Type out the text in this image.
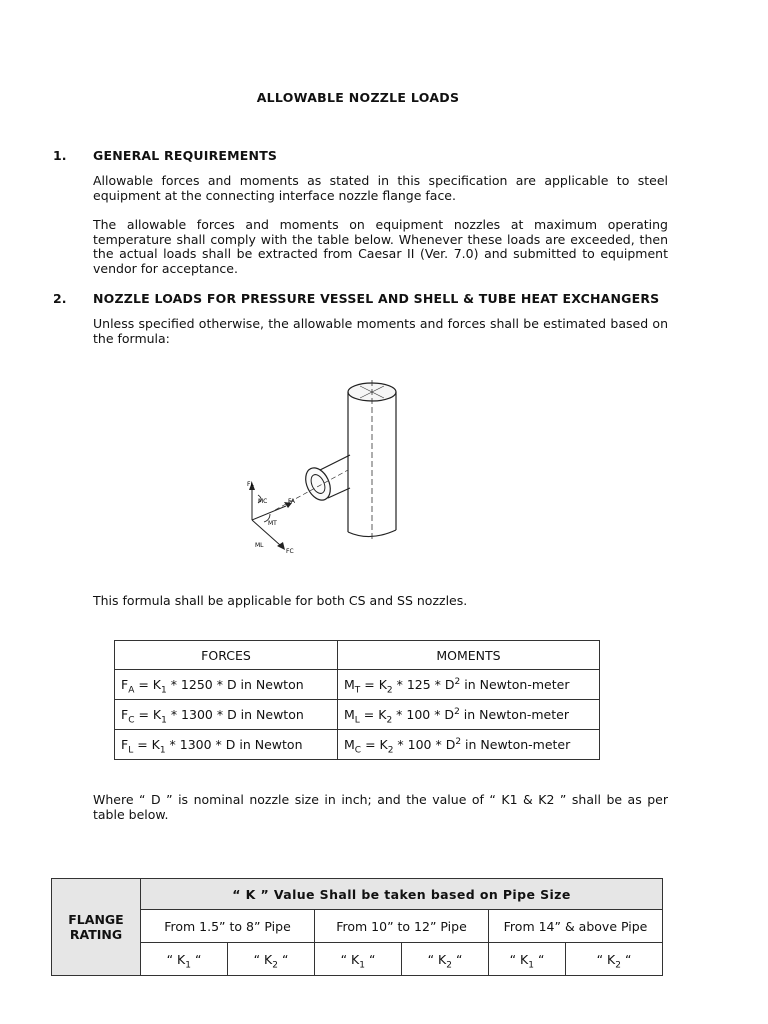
ALLOWABLE NOZZLE LOADS
1. GENERAL REQUIREMENTS
Allowable forces and moments as stated in this specification are applicable to steel equipment at the connecting interface nozzle flange face.
The allowable forces and moments on equipment nozzles at maximum operating temperature shall comply with the table below. Whenever these loads are exceeded, then the actual loads shall be extracted from Caesar II (Ver. 7.0) and submitted to equipment vendor for acceptance.
2. NOZZLE LOADS FOR PRESSURE VESSEL AND SHELL & TUBE HEAT EXCHANGERS
Unless specified otherwise, the allowable moments and forces shall be estimated based on the formula:
FL
MC	FA
MT
ML
FC
This formula shall be applicable for both CS and SS nozzles.
FORCES	MOMENTS
$F_A = K_1 * 1250 * D$ in Newton	$M_T = K_2 * 125 * D^2$ in Newton-meter
$F_C = K_1 * 1300 * D$ in Newton	$M_L = K_2 * 100 * D^2$ in Newton-meter
$F_L = K_1 * 1300 * D$ in Newton	$M_C = K_2 * 100 * D^2$ in Newton-meter
Where “ D ” is nominal nozzle size in inch; and the value of “ K1 & K2 ” shall be as per table below.
FLANGE
RATING	“ K ” Value Shall be taken based on Pipe Size					
	From 1.5” to 8” Pipe		From 10” to 12” Pipe		From 14” & above Pipe	
	“ $K_1$ “	“ $K_2$ “	“ $K_1$ “	“ $K_2$ “	“ $K_1$ “	“ $K_2$ “
